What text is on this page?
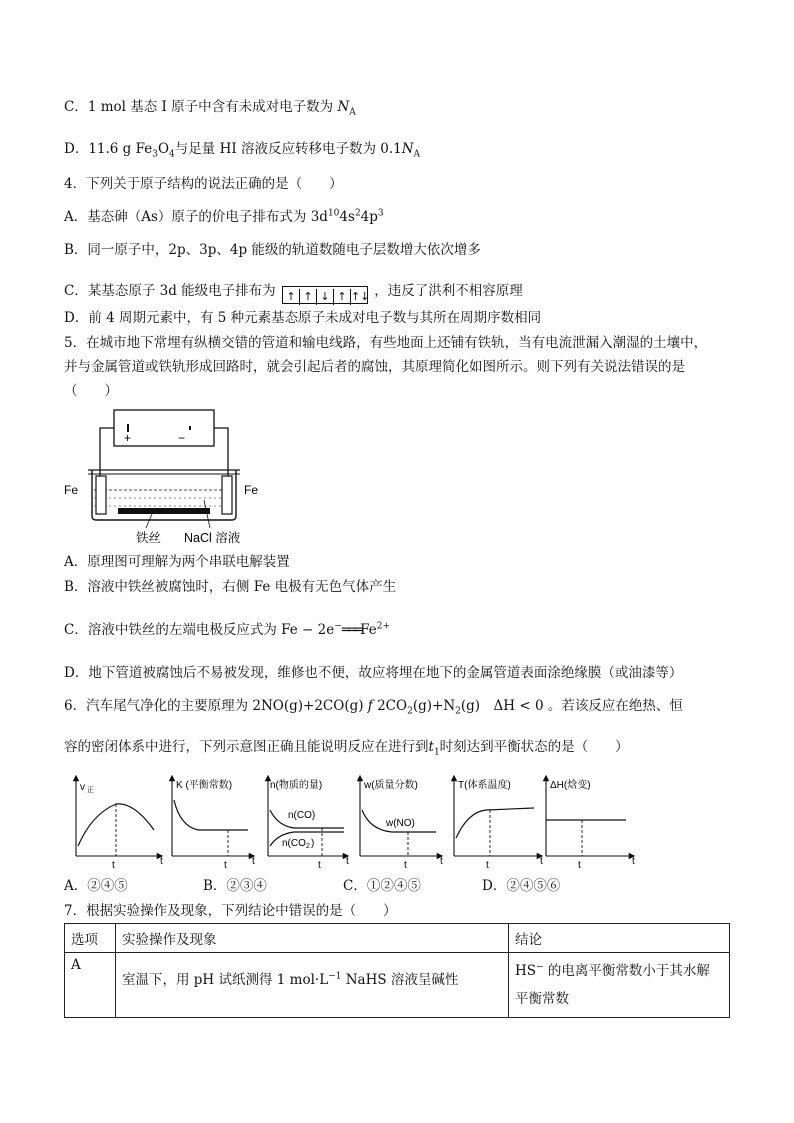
C．1 mol 基态 I 原子中含有未成对电子数为 $N_A$
D．11.6 g $Fe_3O_4$与足量 HI 溶液反应转移电子数为 $0.1N_A$
4．下列关于原子结构的说法正确的是（　　）
A．基态砷（As）原子的价电子排布式为 $3d^{10}4s^24p^3$
B．同一原子中，2p、3p、4p 能级的轨道数随电子层数增大依次增多
C．某基态原子 3d 能级电子排布为 ↑ ↑ ↓ ↑ ↑↓ ，违反了洪利不相容原理
D．前 4 周期元素中，有 5 种元素基态原子未成对电子数与其所在周期序数相同
5．在城市地下常埋有纵横交错的管道和输电线路，有些地面上还铺有铁轨，当有电流泄漏入潮湿的土壤中，
并与金属管道或铁轨形成回路时，就会引起后者的腐蚀，其原理简化如图所示。则下列有关说法错误的是
（　　）
+	−
Fe	Fe
铁丝 NaCl 溶液
A．原理图可理解为两个串联电解装置
B．溶液中铁丝被腐蚀时，右侧 Fe 电极有无色气体产生
C．溶液中铁丝的左端电极反应式为 $Fe - 2e^-═══Fe^{2+}$
D．地下管道被腐蚀后不易被发现，维修也不便，故应将埋在地下的金属管道表面涂绝缘膜（或油漆等）
6．汽车尾气净化的主要原理为 2NO(g)+2CO(g) f $2CO_2(g)+N_2(g)$　ΔH < 0 。若该反应在绝热、恒
容的密闭体系中进行，下列示意图正确且能说明反应在进行到$t_1$时刻达到平衡状态的是（　　）
v 正
t	t
K (平衡常数)
t	t
n(物质的量)
n(CO)
n(CO 2 )
t	t
w(质量分数)
w(NO)
t	t
T(体系温度)
t	t
ΔH(焓变)
t	t
A．②④⑤	B．②③④	C．①②④⑤	D．②④⑤⑥
7．根据实验操作及现象，下列结论中错误的是（　　）
选项	实验操作及现象	结论
A	室温下，用 pH 试纸测得 1 $mol\cdot L^{-1}$ NaHS 溶液呈碱性	HS− 的电离平衡常数小于其水解
平衡常数
